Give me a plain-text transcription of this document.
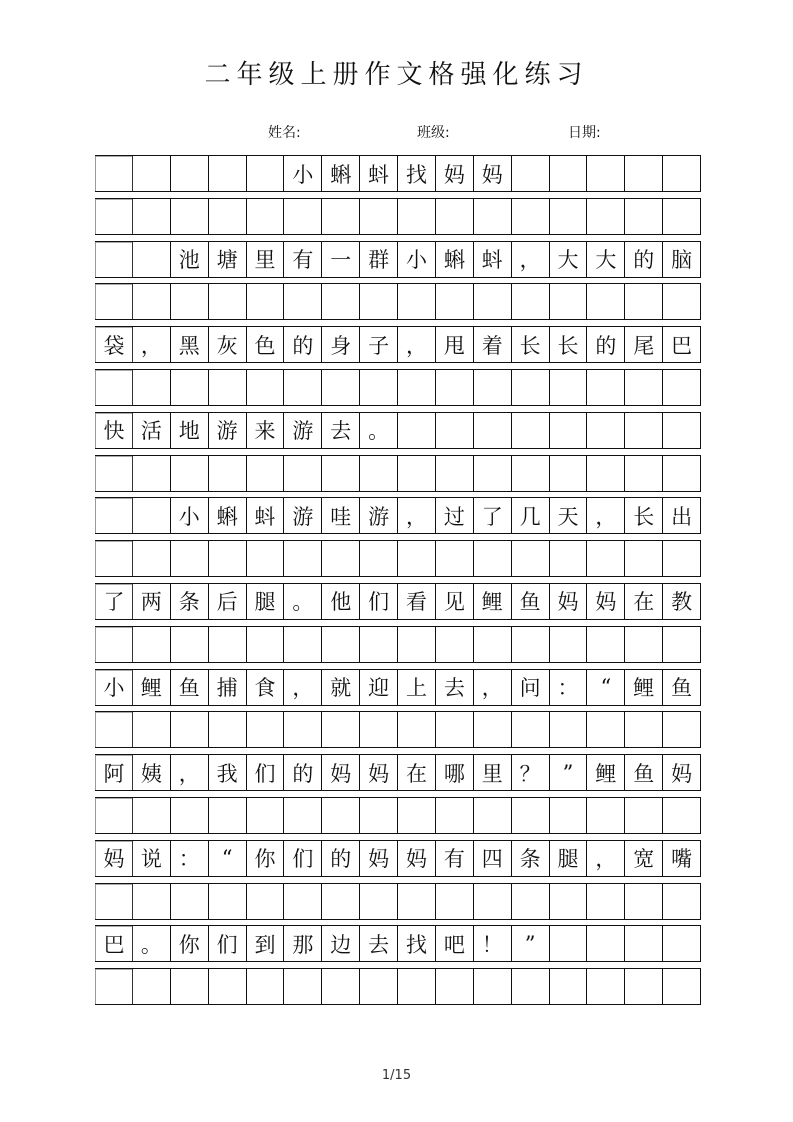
二年级上册作文格强化练习
姓名:	班级:	日期:
小 蝌 蚪 找 妈 妈
池 塘 里 有 一 群 小 蝌 蚪 ， 大 大 的 脑
袋 ， 黑 灰 色 的 身 子 ， 甩 着 长 长 的 尾 巴
快 活 地 游 来 游 去 。
小 蝌 蚪 游 哇 游 ， 过 了 几 天 ， 长 出
了 两 条 后 腿 。 他 们 看 见 鲤 鱼 妈 妈 在 教
小 鲤 鱼 捕 食 ， 就 迎 上 去 ， 问 ：	“	鲤 鱼
阿 姨 ， 我 们 的 妈 妈 在 哪 里 ？	”	鲤 鱼 妈
妈 说 ：	“	你 们 的 妈 妈 有 四 条 腿 ， 宽 嘴
巴 。 你 们 到 那 边 去 找 吧 ！	”
1/15
